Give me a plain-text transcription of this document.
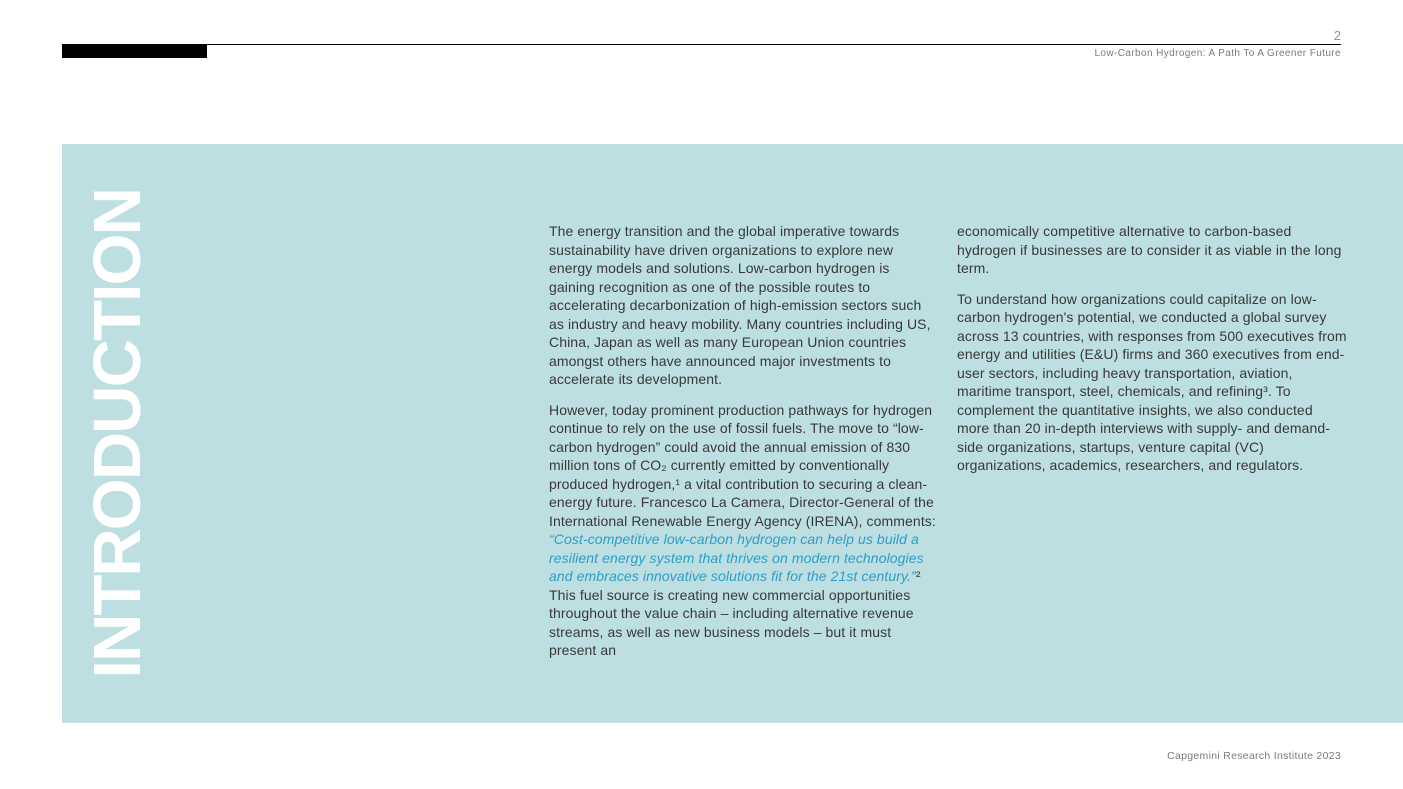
2
Low-Carbon Hydrogen: A Path To A Greener Future
INTRODUCTION	The energy transition and the global imperative towards sustainability have driven organizations to explore new energy models and solutions. Low-carbon hydrogen is gaining recognition as one of the possible routes to accelerating decarbonization of high-emission sectors such as industry and heavy mobility. Many countries including US, China, Japan as well as many European Union countries amongst others have announced major investments to accelerate its development.

However, today prominent production pathways for hydrogen continue to rely on the use of fossil fuels. The move to “low-carbon hydrogen” could avoid the annual emission of 830 million tons of CO₂ currently emitted by conventionally produced hydrogen,¹ a vital contribution to securing a clean-energy future. Francesco La Camera, Director-General of the International Renewable Energy Agency (IRENA), comments: “Cost-competitive low-carbon hydrogen can help us build a resilient energy system that thrives on modern technologies and embraces innovative solutions fit for the 21st century.”² This fuel source is creating new commercial opportunities throughout the value chain – including alternative revenue streams, as well as new business models – but it must present an

economically competitive alternative to carbon-based hydrogen if businesses are to consider it as viable in the long term.

To understand how organizations could capitalize on low-carbon hydrogen's potential, we conducted a global survey across 13 countries, with responses from 500 executives from energy and utilities (E&U) firms and 360 executives from end-user sectors, including heavy transportation, aviation, maritime transport, steel, chemicals, and refining³. To complement the quantitative insights, we also conducted more than 20 in-depth interviews with supply- and demand-side organizations, startups, venture capital (VC) organizations, academics, researchers, and regulators.

Capgemini Research Institute 2023
